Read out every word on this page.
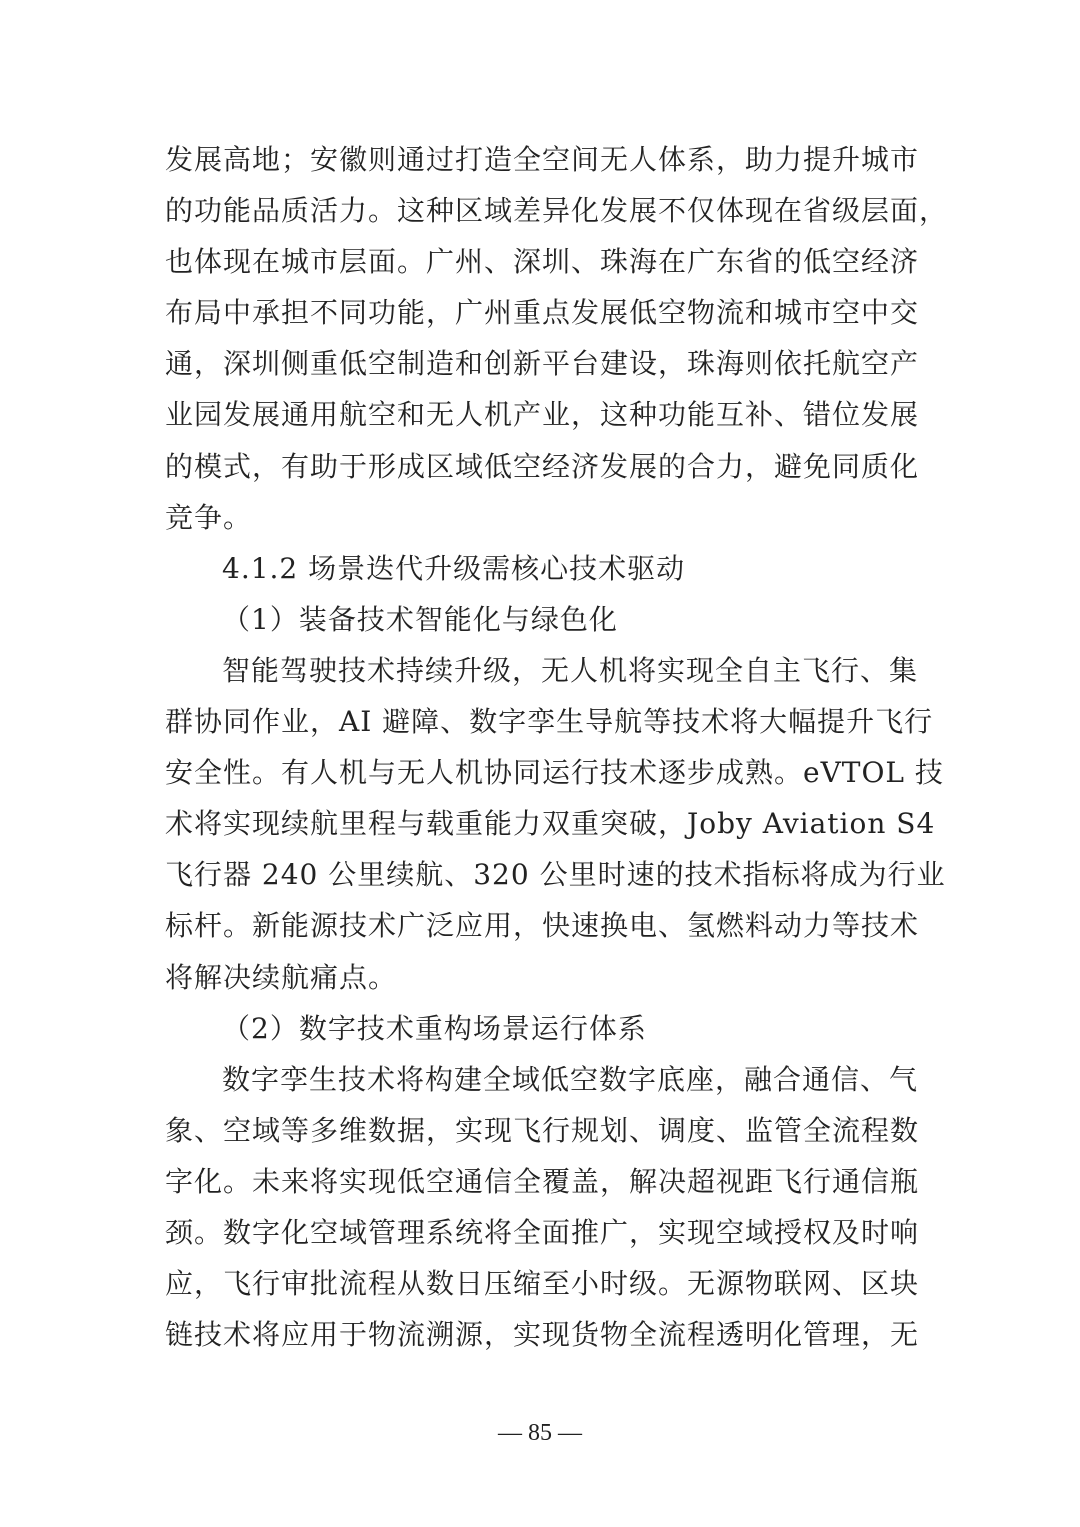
发展高地；安徽则通过打造全空间无人体系，助力提升城市
的功能品质活力。这种区域差异化发展不仅体现在省级层面，
也体现在城市层面。广州、深圳、珠海在广东省的低空经济
布局中承担不同功能，广州重点发展低空物流和城市空中交
通，深圳侧重低空制造和创新平台建设，珠海则依托航空产
业园发展通用航空和无人机产业，这种功能互补、错位发展
的模式，有助于形成区域低空经济发展的合力，避免同质化
竞争。
4.1.2 场景迭代升级需核心技术驱动
（1）装备技术智能化与绿色化
智能驾驶技术持续升级，无人机将实现全自主飞行、集
群协同作业，AI 避障、数字孪生导航等技术将大幅提升飞行
安全性。有人机与无人机协同运行技术逐步成熟。eVTOL 技
术将实现续航里程与载重能力双重突破，Joby Aviation S4
飞行器 240 公里续航、320 公里时速的技术指标将成为行业
标杆。新能源技术广泛应用，快速换电、氢燃料动力等技术
将解决续航痛点。
（2）数字技术重构场景运行体系
数字孪生技术将构建全域低空数字底座，融合通信、气
象、空域等多维数据，实现飞行规划、调度、监管全流程数
字化。未来将实现低空通信全覆盖，解决超视距飞行通信瓶
颈。数字化空域管理系统将全面推广，实现空域授权及时响
应，飞行审批流程从数日压缩至小时级。无源物联网、区块
链技术将应用于物流溯源，实现货物全流程透明化管理，无
— 85 —
